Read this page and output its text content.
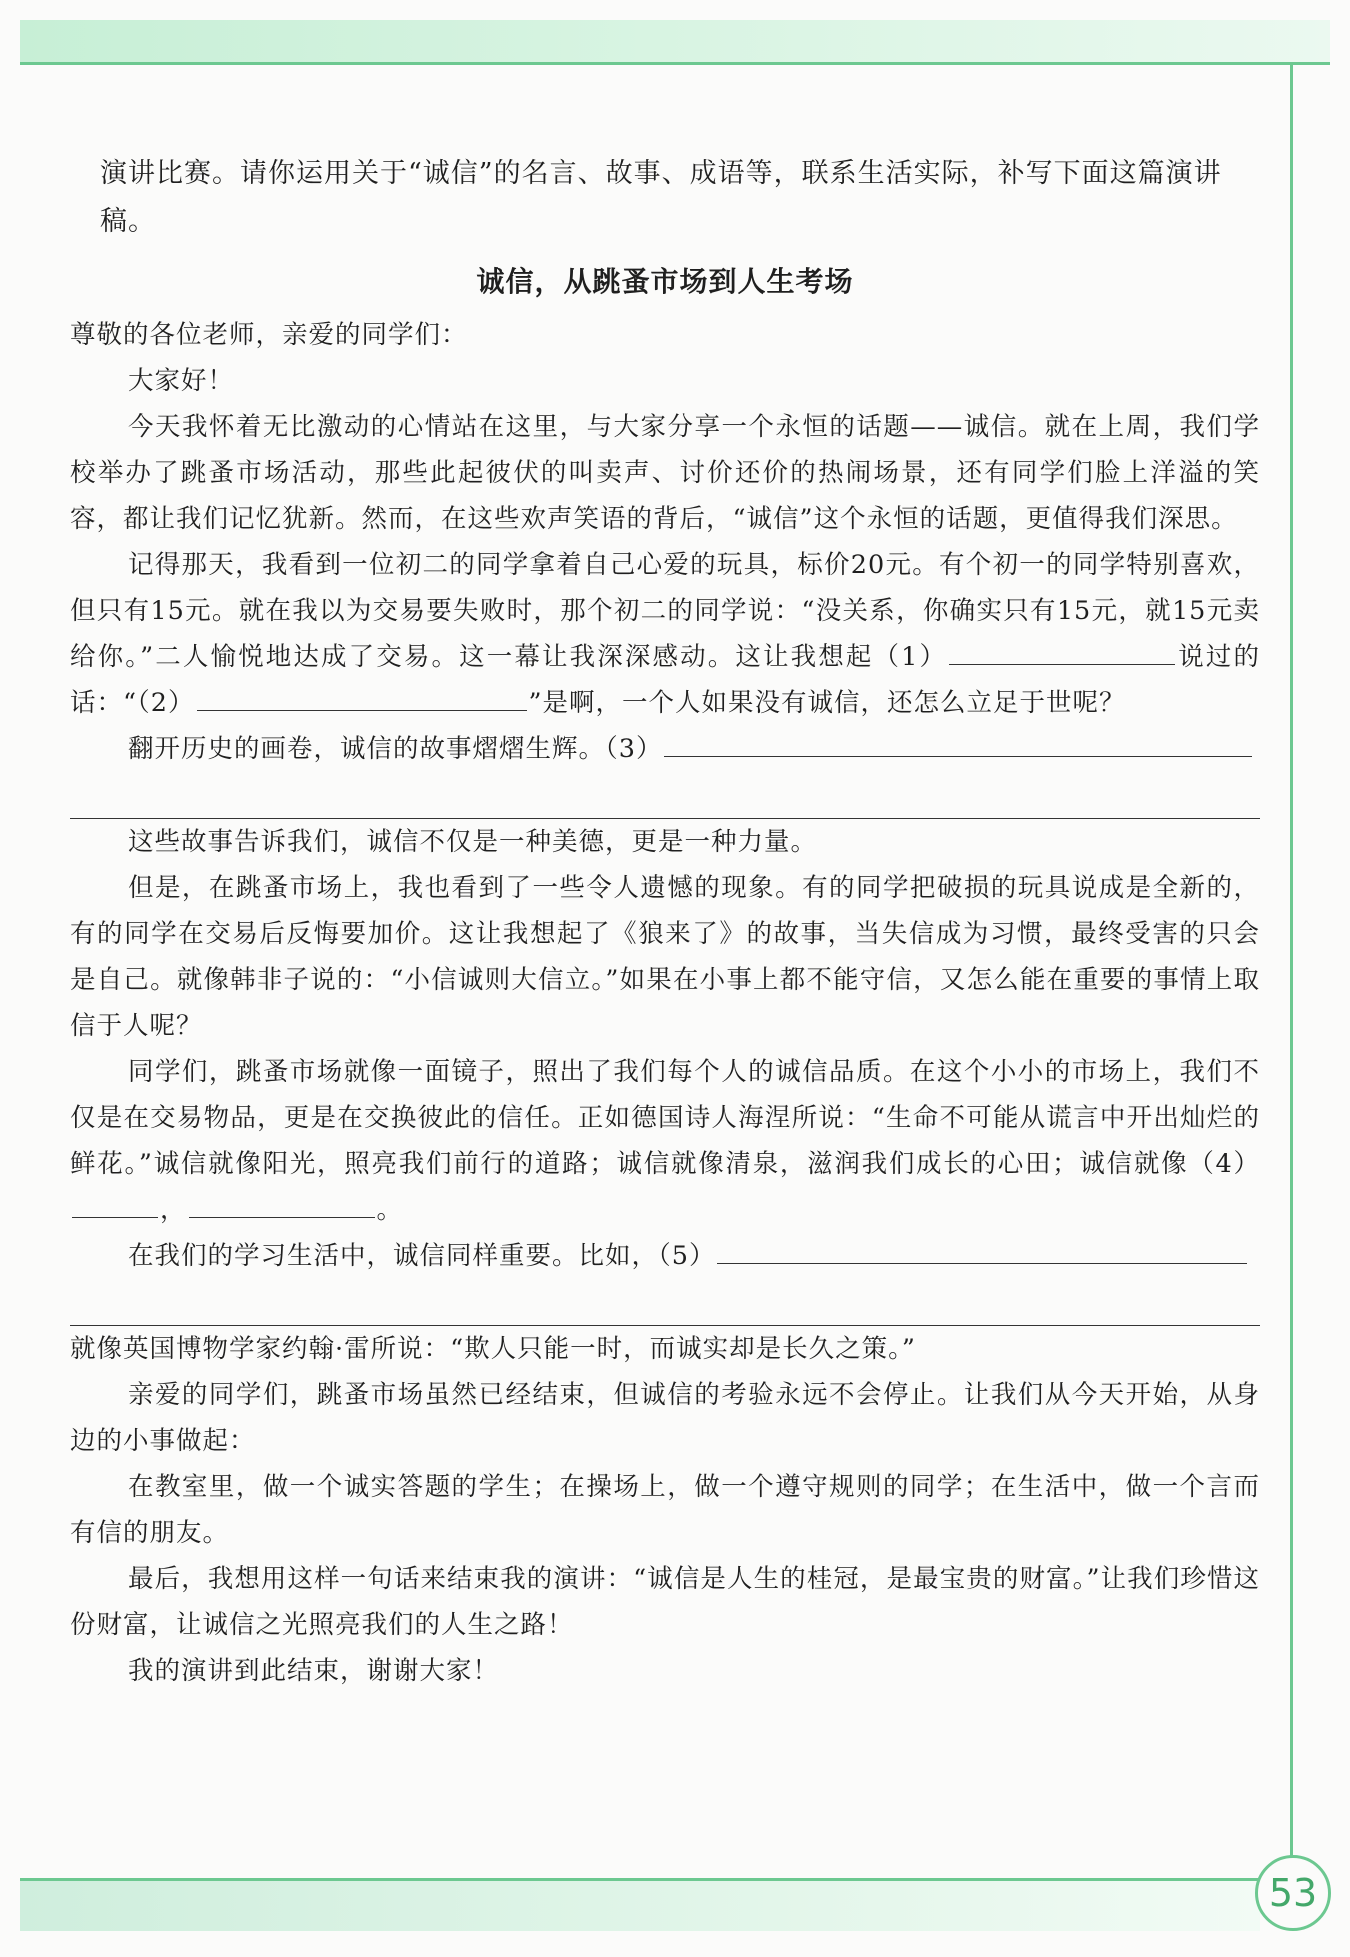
53

演讲比赛。请你运用关于“诚信”的名言、故事、成语等，联系生活实际，补写下面这篇演讲稿。

诚信，从跳蚤市场到人生考场

尊敬的各位老师，亲爱的同学们：

大家好！

今天我怀着无比激动的心情站在这里，与大家分享一个永恒的话题——诚信。就在上周，我们学校举办了跳蚤市场活动，那些此起彼伏的叫卖声、讨价还价的热闹场景，还有同学们脸上洋溢的笑容，都让我们记忆犹新。然而，在这些欢声笑语的背后，“诚信”这个永恒的话题，更值得我们深思。

记得那天，我看到一位初二的同学拿着自己心爱的玩具，标价20元。有个初一的同学特别喜欢，但只有15元。就在我以为交易要失败时，那个初二的同学说：“没关系，你确实只有15元，就15元卖给你。”二人愉悦地达成了交易。这一幕让我深深感动。这让我想起（1）	说过的话：“（2）	”是啊，一个人如果没有诚信，还怎么立足于世呢？

翻开历史的画卷，诚信的故事熠熠生辉。（3）

这些故事告诉我们，诚信不仅是一种美德，更是一种力量。

但是，在跳蚤市场上，我也看到了一些令人遗憾的现象。有的同学把破损的玩具说成是全新的，有的同学在交易后反悔要加价。这让我想起了《狼来了》的故事，当失信成为习惯，最终受害的只会是自己。就像韩非子说的：“小信诚则大信立。”如果在小事上都不能守信，又怎么能在重要的事情上取信于人呢？

同学们，跳蚤市场就像一面镜子，照出了我们每个人的诚信品质。在这个小小的市场上，我们不仅是在交易物品，更是在交换彼此的信任。正如德国诗人海涅所说：“生命不可能从谎言中开出灿烂的鲜花。”诚信就像阳光，照亮我们前行的道路；诚信就像清泉，滋润我们成长的心田；诚信就像（4），	。

在我们的学习生活中，诚信同样重要。比如，（5）

就像英国博物学家约翰·雷所说：“欺人只能一时，而诚实却是长久之策。”

亲爱的同学们，跳蚤市场虽然已经结束，但诚信的考验永远不会停止。让我们从今天开始，从身边的小事做起：

在教室里，做一个诚实答题的学生；在操场上，做一个遵守规则的同学；在生活中，做一个言而有信的朋友。

最后，我想用这样一句话来结束我的演讲：“诚信是人生的桂冠，是最宝贵的财富。”让我们珍惜这份财富，让诚信之光照亮我们的人生之路！

我的演讲到此结束，谢谢大家！
